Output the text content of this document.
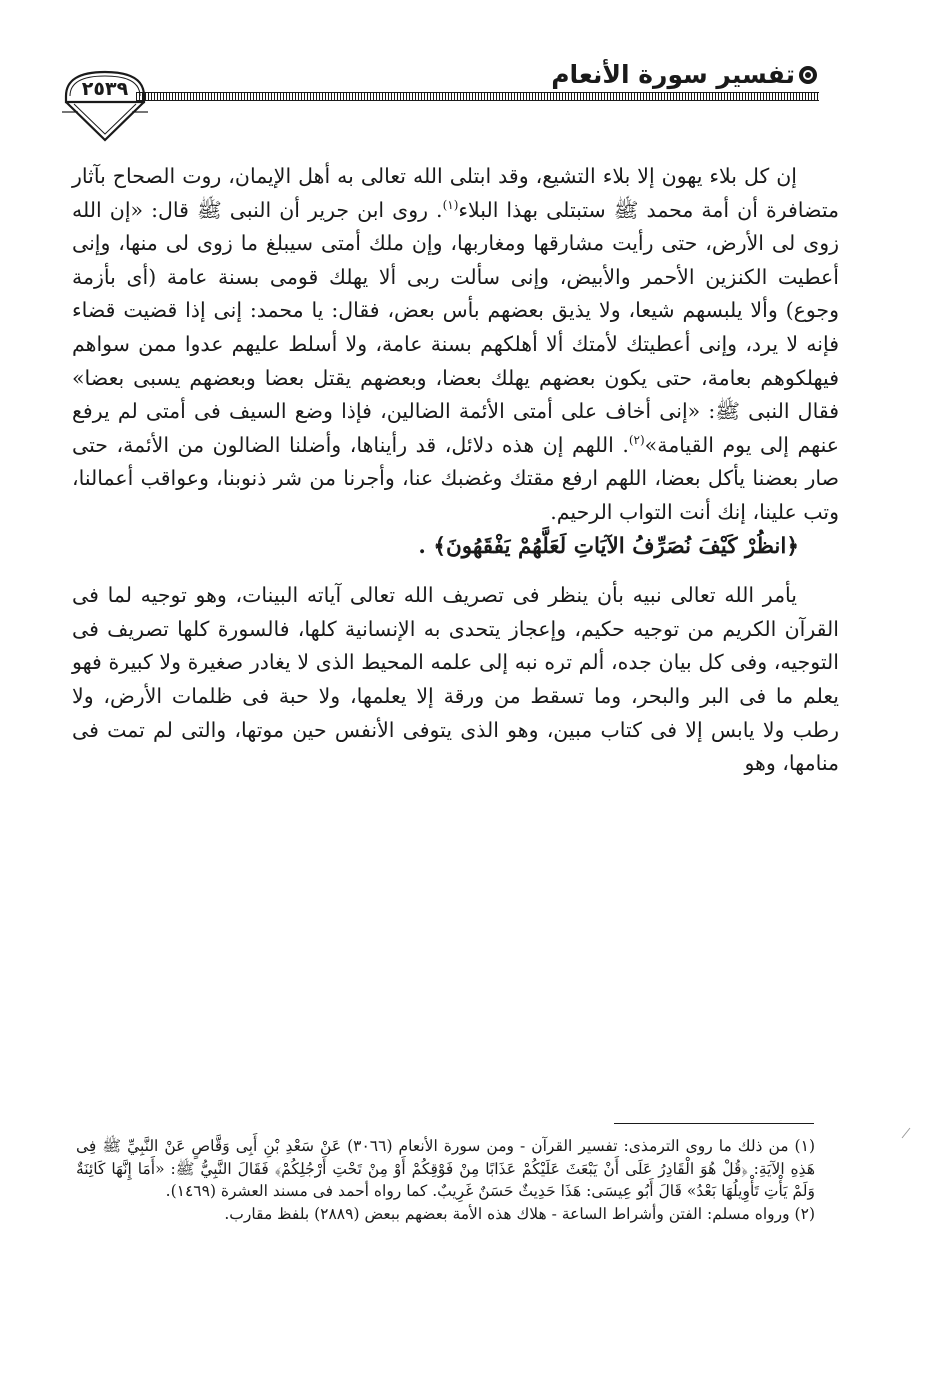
تفسير سورة الأنعام
٢٥٣٩

إن كل بلاء يهون إلا بلاء التشيع، وقد ابتلى الله تعالى به أهل الإيمان، روت الصحاح بآثار متضافرة أن أمة محمد ﷺ ستبتلى بهذا البلاء$^{(١)}$. روى ابن جرير أن النبى ﷺ قال: «إن الله زوى لى الأرض، حتى رأيت مشارقها ومغاربها، وإن ملك أمتى سيبلغ ما زوى لى منها، وإنى أعطيت الكنزين الأحمر والأبيض، وإنى سألت ربى ألا يهلك قومى بسنة عامة (أى بأزمة وجوع) وألا يلبسهم شيعا، ولا يذيق بعضهم بأس بعض، فقال: يا محمد: إنى إذا قضيت قضاء فإنه لا يرد، وإنى أعطيتك لأمتك ألا أهلكهم بسنة عامة، ولا أسلط عليهم عدوا ممن سواهم فيهلكوهم بعامة، حتى يكون بعضهم يهلك بعضا، وبعضهم يقتل بعضا وبعضهم يسبى بعضا» فقال النبى ﷺ: «إنى أخاف على أمتى الأئمة الضالين، فإذا وضع السيف فى أمتى لم يرفع عنهم إلى يوم القيامة»$^{(٢)}$. اللهم إن هذه دلائل، قد رأيناها، وأضلنا الضالون من الأئمة، حتى صار بعضنا يأكل بعضا، اللهم ارفع مقتك وغضبك عنا، وأجرنا من شر ذنوبنا، وعواقب أعمالنا، وتب علينا، إنك أنت التواب الرحيم.

﴿انظُرْ كَيْفَ نُصَرِّفُ الآيَاتِ لَعَلَّهُمْ يَفْقَهُونَ﴾ .

يأمر الله تعالى نبيه بأن ينظر فى تصريف الله تعالى آياته البينات، وهو توجيه لما فى القرآن الكريم من توجيه حكيم، وإعجاز يتحدى به الإنسانية كلها، فالسورة كلها تصريف فى التوجيه، وفى كل بيان جده، ألم تره نبه إلى علمه المحيط الذى لا يغادر صغيرة ولا كبيرة فهو يعلم ما فى البر والبحر، وما تسقط من ورقة إلا يعلمها، ولا حبة فى ظلمات الأرض، ولا رطب ولا يابس إلا فى كتاب مبين، وهو الذى يتوفى الأنفس حين موتها، والتى لم تمت فى منامها، وهو

(١) من ذلك ما روى الترمذى: تفسير القرآن - ومن سورة الأنعام (٣٠٦٦) عَنْ سَعْدِ بْنِ أَبِى وَقَّاصٍ عَنْ النَّبِيِّ ﷺ فِى هَذِهِ الآيَةِ: ﴿قُلْ هُوَ الْقَادِرُ عَلَى أَنْ يَبْعَثَ عَلَيْكُمْ عَذَابًا مِنْ فَوْقِكُمْ أَوْ مِنْ تَحْتِ أَرْجُلِكُمْ﴾ فَقَالَ النَّبِيُّ ﷺ: «أَمَا إِنَّهَا كَائِنَةٌ وَلَمْ يَأْتِ تَأْوِيلُهَا بَعْدُ» قَالَ أَبُو عِيسَى: هَذَا حَدِيثٌ حَسَنٌ غَرِيبٌ. كما رواه أحمد فى مسند العشرة (١٤٦٩).

(٢) ورواه مسلم: الفتن وأشراط الساعة - هلاك هذه الأمة بعضهم ببعض (٢٨٨٩) بلفظ مقارب.
